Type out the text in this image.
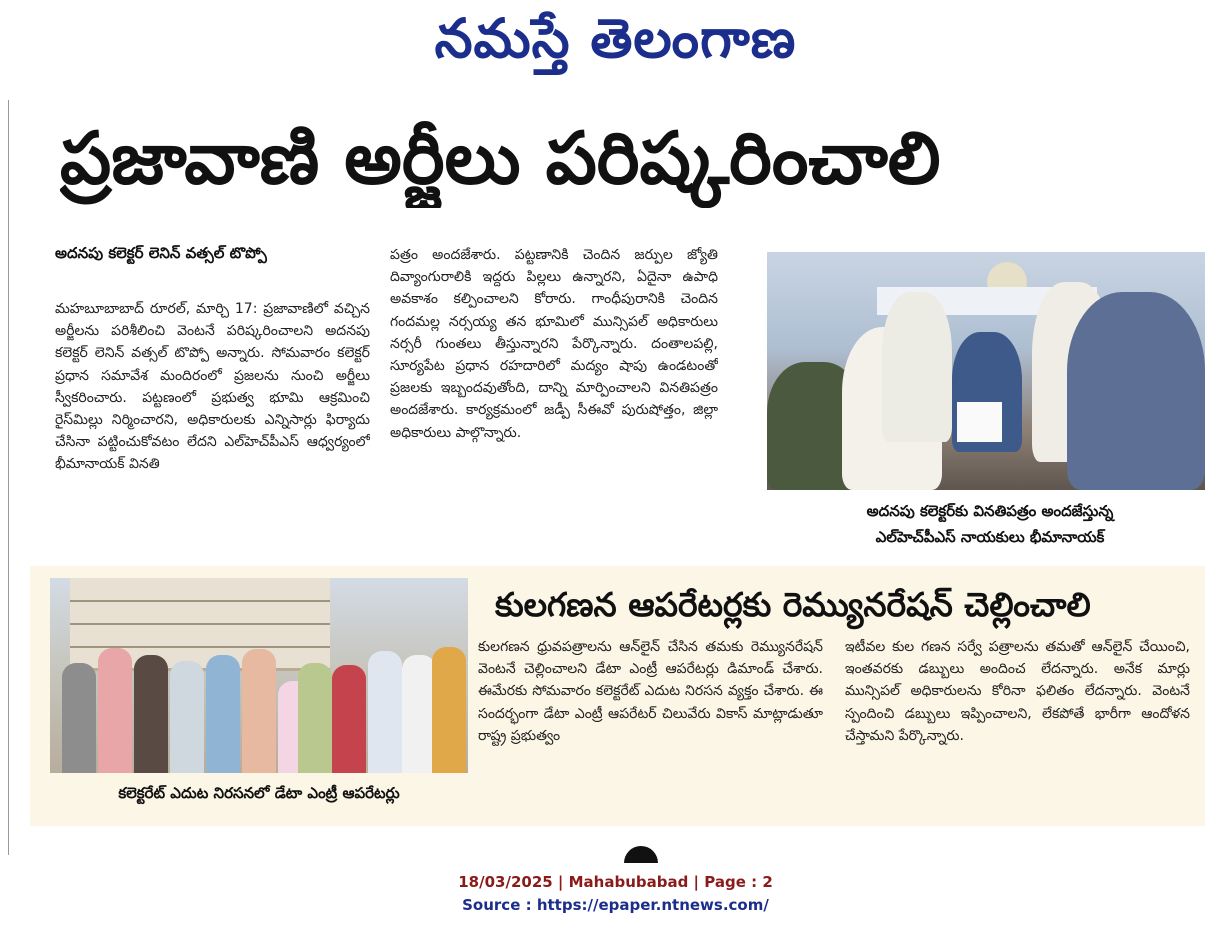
నమస్తే తెలంగాణ
ప్రజావాణి అర్జీలు పరిష్కరించాలి
అదనపు కలెక్టర్ లెనిన్ వత్సల్ టొప్పో
మహబూబాబాద్ రూరల్, మార్చి 17: ప్రజావాణిలో వచ్చిన అర్జీలను పరిశీలించి వెంటనే పరిష్కరించాలని అదనపు కలెక్టర్ లెనిన్ వత్సల్ టొప్పో అన్నారు. సోమవారం కలెక్టర్ ప్రధాన సమావేశ మందిరంలో ప్రజలను నుంచి అర్జీలు స్వీకరించారు. పట్టణంలో ప్రభుత్వ భూమి ఆక్రమించి రైస్‌మిల్లు నిర్మించారని, అధికారులకు ఎన్నిసార్లు ఫిర్యాదు చేసినా పట్టించుకోవటం లేదని ఎల్‌హెచ్‌పీఎస్ ఆధ్వర్యంలో భీమానాయక్ వినతి
పత్రం అందజేశారు. పట్టణానికి చెందిన జర్పుల జ్యోతి దివ్యాంగురాలికి ఇద్దరు పిల్లలు ఉన్నారని, ఏదైనా ఉపాధి అవకాశం కల్పించాలని కోరారు. గాంధీపురానికి చెందిన గందమల్ల నర్సయ్య తన భూమిలో మున్సిపల్ అధికారులు నర్సరీ గుంతలు తీస్తున్నారని పేర్కొన్నారు. దంతాలపల్లి, సూర్యపేట ప్రధాన రహదారిలో మద్యం షాపు ఉండటంతో ప్రజలకు ఇబ్బందవుతోంది, దాన్ని మార్పించాలని వినతిపత్రం అందజేశారు. కార్యక్రమంలో జడ్పీ సీఈవో పురుషోత్తం, జిల్లా అధికారులు పాల్గొన్నారు.
అదనపు కలెక్టర్‌కు వినతిపత్రం అందజేస్తున్న
ఎల్‌హెచ్‌పీఎస్ నాయకులు భీమానాయక్
కలెక్టరేట్ ఎదుట నిరసనలో డేటా ఎంట్రీ ఆపరేటర్లు
కులగణన ఆపరేటర్లకు రెమ్యునరేషన్ చెల్లించాలి
కులగణన ధ్రువపత్రాలను ఆన్‌లైన్ చేసిన తమకు రెమ్యునరేషన్ వెంటనే చెల్లించాలని డేటా ఎంట్రీ ఆపరేటర్లు డిమాండ్ చేశారు. ఈమేరకు సోమవారం కలెక్టరేట్ ఎదుట నిరసన వ్యక్తం చేశారు. ఈ సందర్భంగా డేటా ఎంట్రీ ఆపరేటర్ చిలువేరు వికాస్ మాట్లాడుతూ రాష్ట్ర ప్రభుత్వం
ఇటీవల కుల గణన సర్వే పత్రాలను తమతో ఆన్‌లైన్ చేయించి, ఇంతవరకు డబ్బులు అందించ లేదన్నారు. అనేక మార్లు మున్సిపల్ అధికారులను కోరినా ఫలితం లేదన్నారు. వెంటనే స్పందించి డబ్బులు ఇప్పించాలని, లేకపోతే భారీగా ఆందోళన చేస్తామని పేర్కొన్నారు.
18/03/2025 | Mahabubabad | Page : 2
Source : https://epaper.ntnews.com/
